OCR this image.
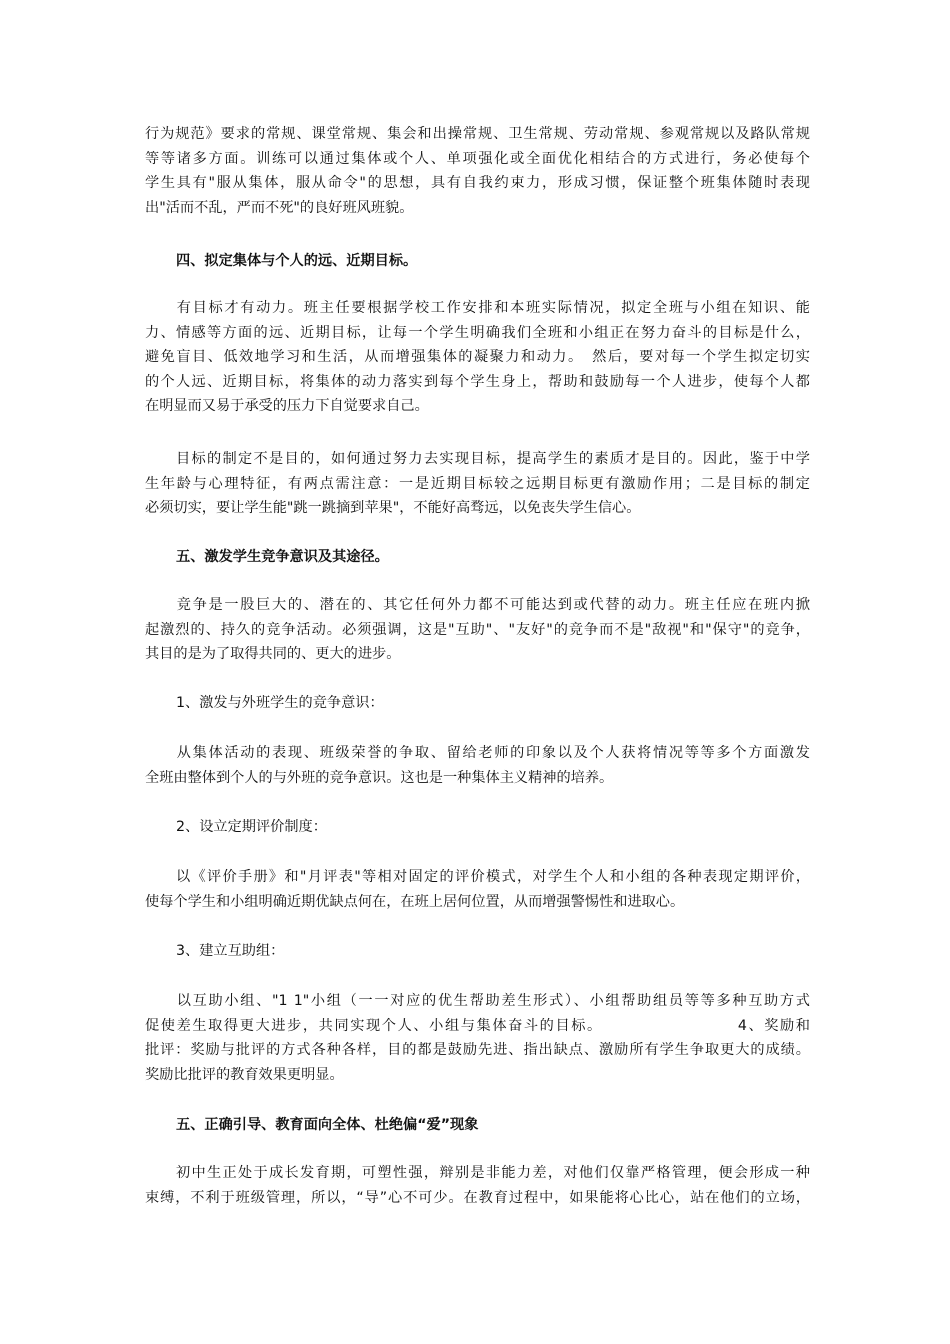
行为规范》要求的常规、课堂常规、集会和出操常规、卫生常规、劳动常规、参观常规以及路队常规
等等诸多方面。训练可以通过集体或个人、单项强化或全面优化相结合的方式进行，务必使每个
学生具有"服从集体，服从命令"的思想，具有自我约束力，形成习惯，保证整个班集体随时表现
出"活而不乱，严而不死"的良好班风班貌。
四、拟定集体与个人的远、近期目标。
　　有目标才有动力。班主任要根据学校工作安排和本班实际情况，拟定全班与小组在知识、能
力、情感等方面的远、近期目标，让每一个学生明确我们全班和小组正在努力奋斗的目标是什么，
避免盲目、低效地学习和生活，从而增强集体的凝聚力和动力。　然后，要对每一个学生拟定切实
的个人远、近期目标，将集体的动力落实到每个学生身上，帮助和鼓励每一个人进步，使每个人都
在明显而又易于承受的压力下自觉要求自己。
　　目标的制定不是目的，如何通过努力去实现目标，提高学生的素质才是目的。因此，鉴于中学
生年龄与心理特征，有两点需注意：一是近期目标较之远期目标更有激励作用；二是目标的制定
必须切实，要让学生能"跳一跳摘到苹果"，不能好高骛远，以免丧失学生信心。
五、激发学生竞争意识及其途径。
　　竞争是一股巨大的、潜在的、其它任何外力都不可能达到或代替的动力。班主任应在班内掀
起激烈的、持久的竞争活动。必须强调，这是"互助"、"友好"的竞争而不是"敌视"和"保守"的竞争，
其目的是为了取得共同的、更大的进步。
1、激发与外班学生的竞争意识：
　　从集体活动的表现、班级荣誉的争取、留给老师的印象以及个人获将情况等等多个方面激发
全班由整体到个人的与外班的竞争意识。这也是一种集体主义精神的培养。
2、设立定期评价制度：
　　以《评价手册》和"月评表"等相对固定的评价模式，对学生个人和小组的各种表现定期评价，
使每个学生和小组明确近期优缺点何在，在班上居何位置，从而增强警惕性和进取心。
3、建立互助组：
　　以互助小组、"1 1"小组（一一对应的优生帮助差生形式）、小组帮助组员等等多种互助方式
促使差生取得更大进步，共同实现个人、小组与集体奋斗的目标。　　　　　　　　　4、奖励和
批评：奖励与批评的方式各种各样，目的都是鼓励先进、指出缺点、激励所有学生争取更大的成绩。
奖励比批评的教育效果更明显。
五、正确引导、教育面向全体、杜绝偏“爱”现象
　　初中生正处于成长发育期，可塑性强，辩别是非能力差，对他们仅靠严格管理，便会形成一种
束缚，不利于班级管理，所以，“导”心不可少。在教育过程中，如果能将心比心，站在他们的立场，
